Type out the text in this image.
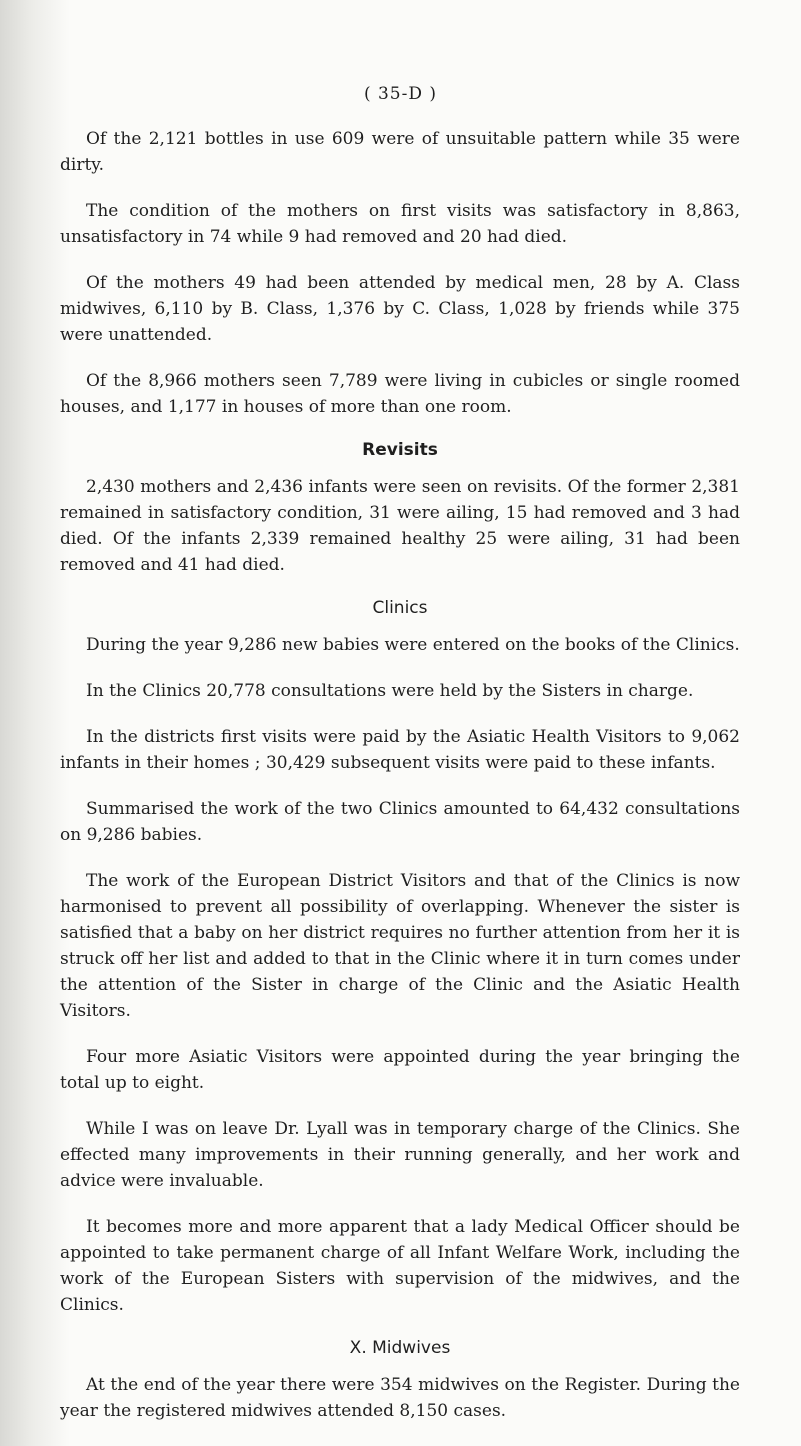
( 35-D )

Of the 2,121 bottles in use 609 were of unsuitable pattern while 35 were dirty.

The condition of the mothers on first visits was satisfactory in 8,863, unsatisfactory in 74 while 9 had removed and 20 had died.

Of the mothers 49 had been attended by medical men, 28 by A. Class midwives, 6,110 by B. Class, 1,376 by C. Class, 1,028 by friends while 375 were unattended.

Of the 8,966 mothers seen 7,789 were living in cubicles or single roomed houses, and 1,177 in houses of more than one room.

Revisits

2,430 mothers and 2,436 infants were seen on revisits. Of the former 2,381 remained in satisfactory condition, 31 were ailing, 15 had removed and 3 had died. Of the infants 2,339 remained healthy 25 were ailing, 31 had been removed and 41 had died.

Clinics

During the year 9,286 new babies were entered on the books of the Clinics.

In the Clinics 20,778 consultations were held by the Sisters in charge.

In the districts first visits were paid by the Asiatic Health Visitors to 9,062 infants in their homes ; 30,429 subsequent visits were paid to these infants.

Summarised the work of the two Clinics amounted to 64,432 consultations on 9,286 babies.

The work of the European District Visitors and that of the Clinics is now harmonised to prevent all possibility of overlapping. Whenever the sister is satisfied that a baby on her district requires no further attention from her it is struck off her list and added to that in the Clinic where it in turn comes under the attention of the Sister in charge of the Clinic and the Asiatic Health Visitors.

Four more Asiatic Visitors were appointed during the year bringing the total up to eight.

While I was on leave Dr. Lyall was in temporary charge of the Clinics. She effected many improvements in their running generally, and her work and advice were invaluable.

It becomes more and more apparent that a lady Medical Officer should be appointed to take permanent charge of all Infant Welfare Work, including the work of the European Sisters with supervision of the midwives, and the Clinics.

X. Midwives

At the end of the year there were 354 midwives on the Register. During the year the registered midwives attended 8,150 cases.
